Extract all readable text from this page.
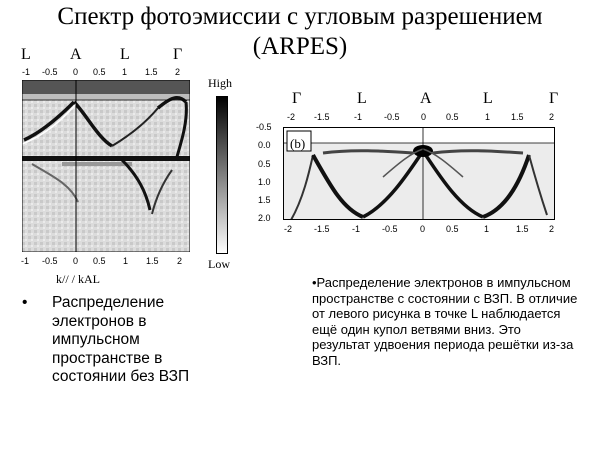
Спектр фотоэмиссии с угловым разрешением
(ARPES)
L A L	Γ
-1 -0.5 0 0.5 1 1.5 2
-1 -0.5 0 0.5 1 1.5 2
k// / kAL
High
Low
Γ	L	A	L	Γ
-2 -1.5	-1 -0.5 0 0.5	1 1.5	2
-0.5
0.0
0.5
1.0
1.5
2.0
(b)
-2 -1.5 -1 -0.5 0 0.5	1	1.5 2
• Распределение электронов в импульсном пространстве в состоянии без ВЗП
•Распределение электронов в импульсном пространстве с состоянии с ВЗП. В отличие от левого рисунка в точке L наблюдается ещё один купол ветвями вниз. Это результат удвоения периода решётки из-за ВЗП.
